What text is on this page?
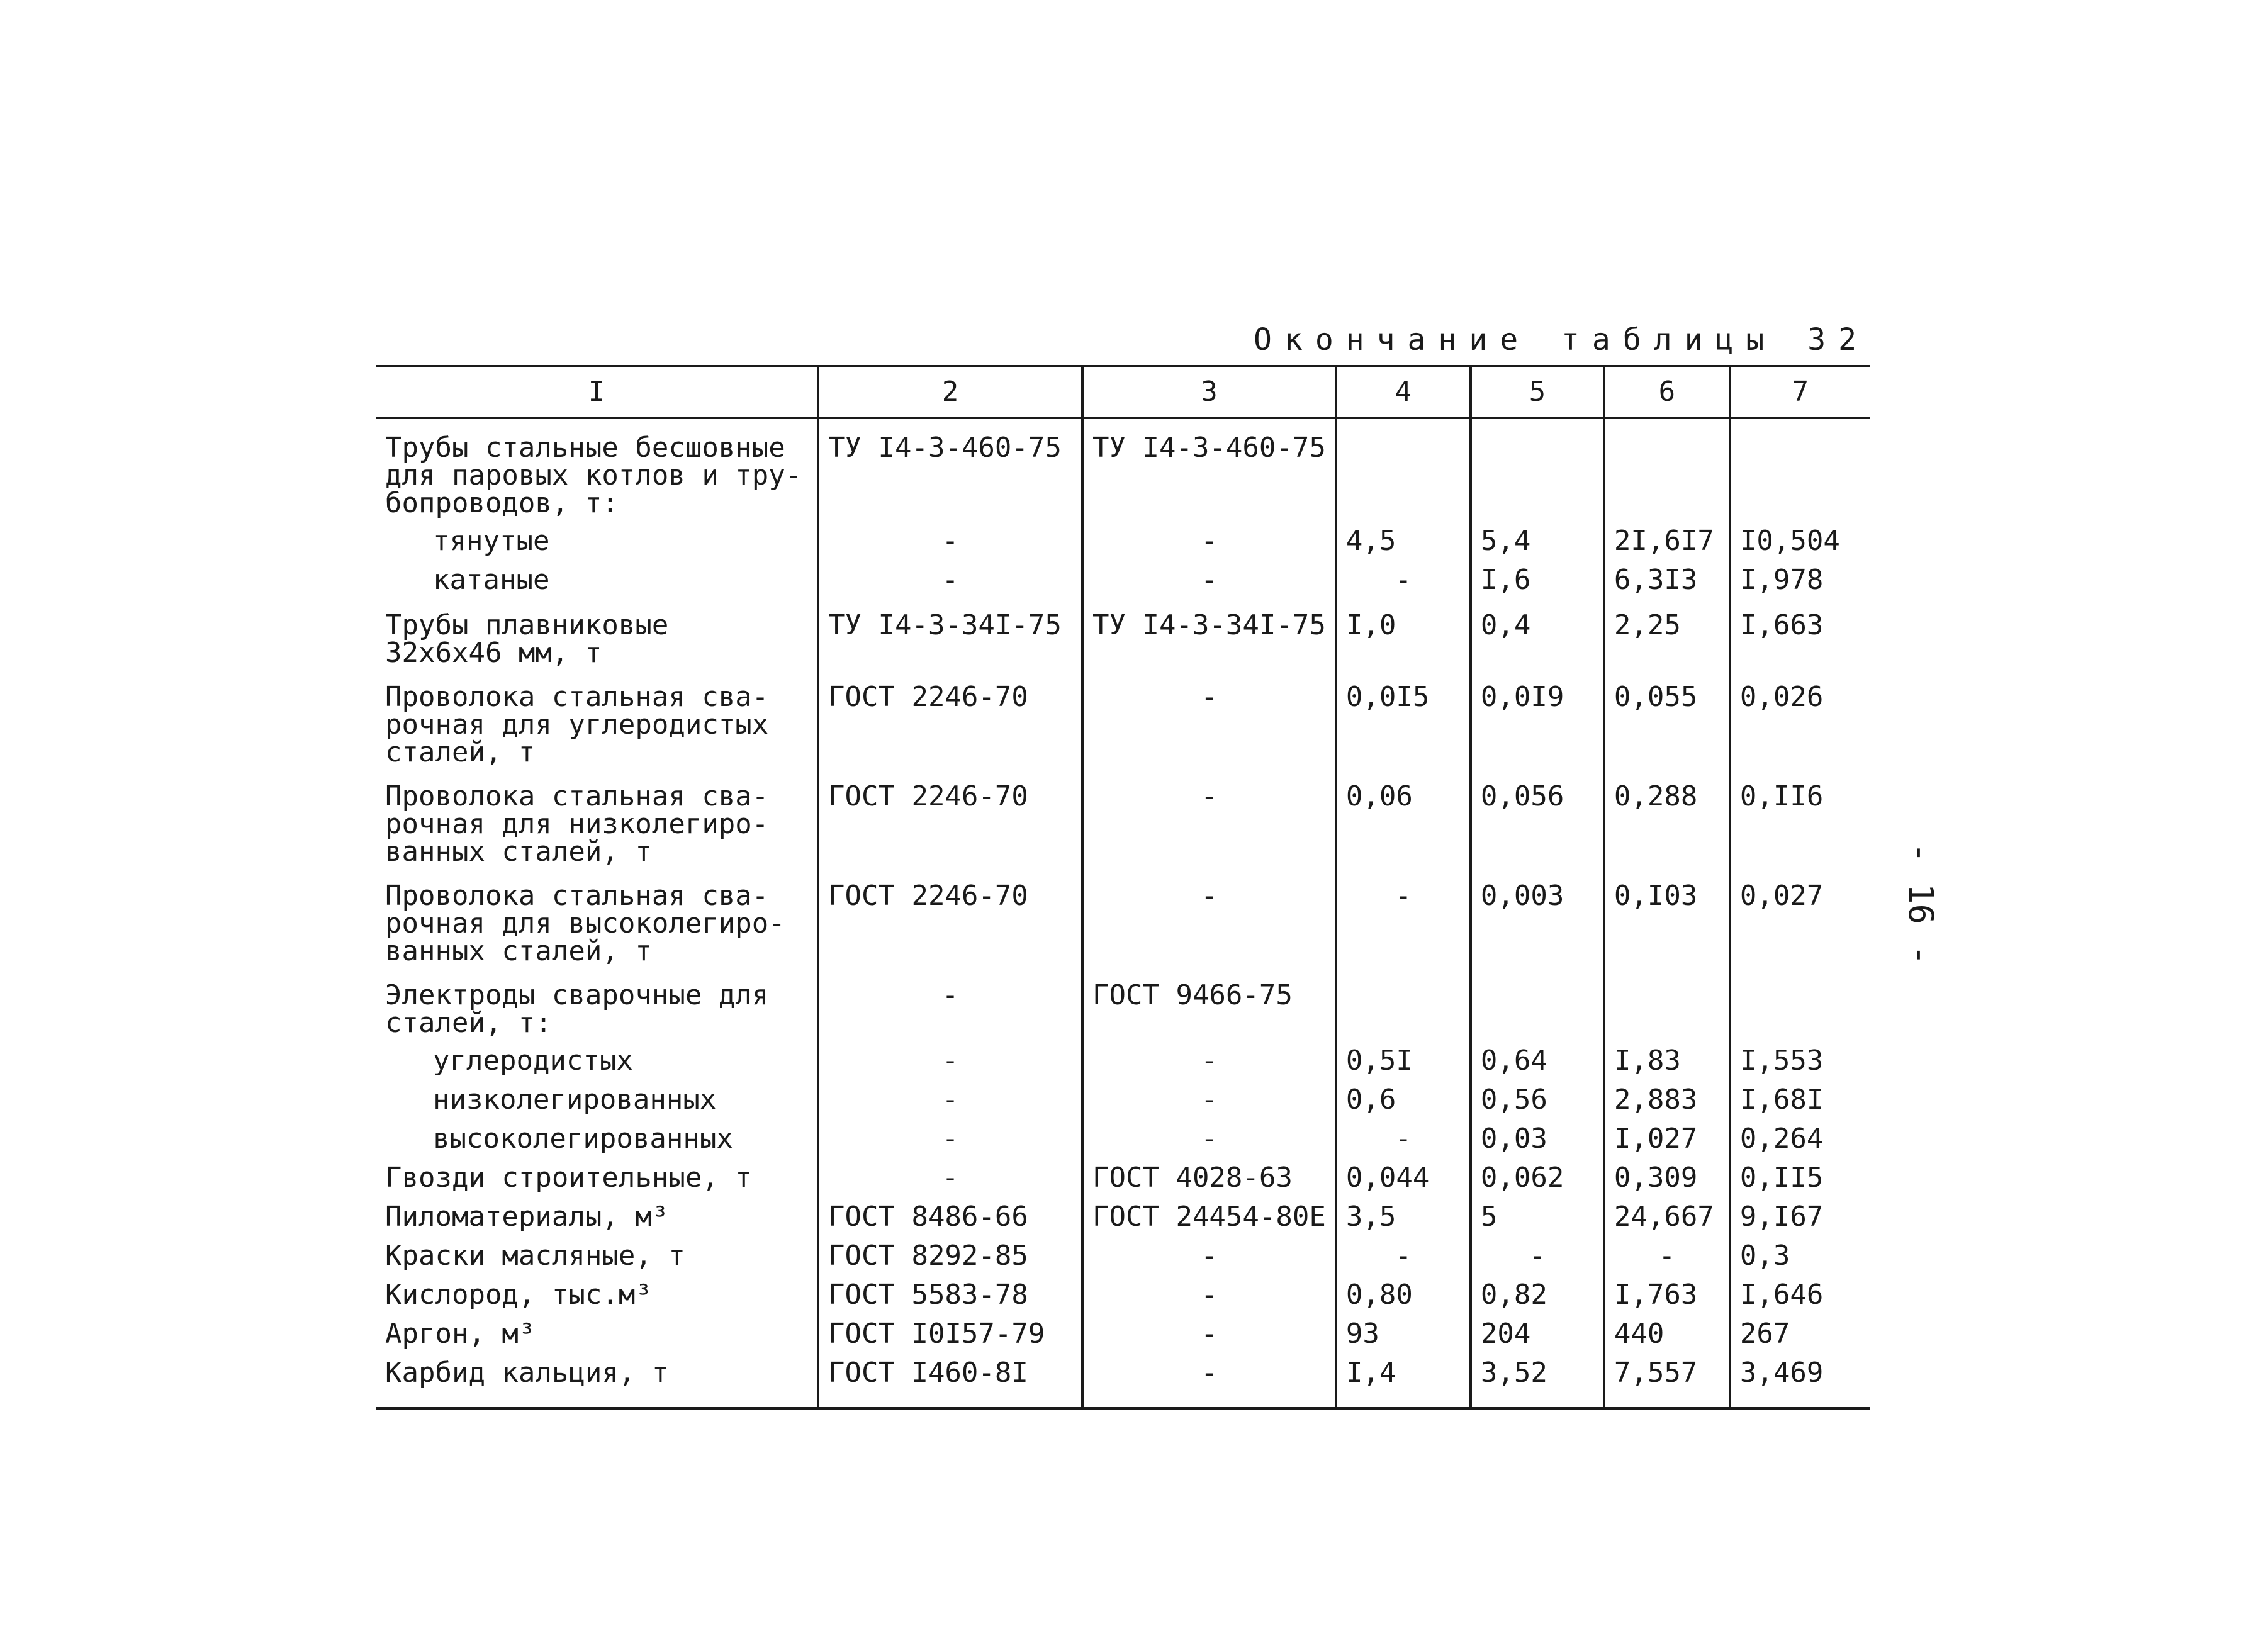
Окончание таблицы 32
- 16 -
I	2	3	4	5	6	7
Трубы стальные бесшовные
для паровых котлов и тру-
бопроводов, т:	ТУ I4-3-460-75	ТУ I4-3-460-75				
тянутые	-	-	4,5	5,4	2I,6I7	I0,504
катаные	-	-	-	I,6	6,3I3	I,978
Трубы плавниковые
32х6х46 мм, т	ТУ I4-3-34I-75	ТУ I4-3-34I-75	I,0	0,4	2,25	I,663
Проволока стальная сва-
рочная для углеродистых
сталей, т	ГОСТ 2246-70	-	0,0I5	0,0I9	0,055	0,026
Проволока стальная сва-
рочная для низколегиро-
ванных сталей, т	ГОСТ 2246-70	-	0,06	0,056	0,288	0,II6
Проволока стальная сва-
рочная для высоколегиро-
ванных сталей, т	ГОСТ 2246-70	-	-	0,003	0,I03	0,027
Электроды сварочные для
сталей, т:	-	ГОСТ 9466-75				
углеродистых	-	-	0,5I	0,64	I,83	I,553
низколегированных	-	-	0,6	0,56	2,883	I,68I
высоколегированных	-	-	-	0,03	I,027	0,264
Гвозди строительные, т	-	ГОСТ 4028-63	0,044	0,062	0,309	0,II5
Пиломатериалы, м³	ГОСТ 8486-66	ГОСТ 24454-80Е	3,5	5	24,667	9,I67
Краски масляные, т	ГОСТ 8292-85	-	-	-	-	0,3
Кислород, тыс.м³	ГОСТ 5583-78	-	0,80	0,82	I,763	I,646
Аргон, м³	ГОСТ I0I57-79	-	93	204	440	267
Карбид кальция, т	ГОСТ I460-8I	-	I,4	3,52	7,557	3,469
